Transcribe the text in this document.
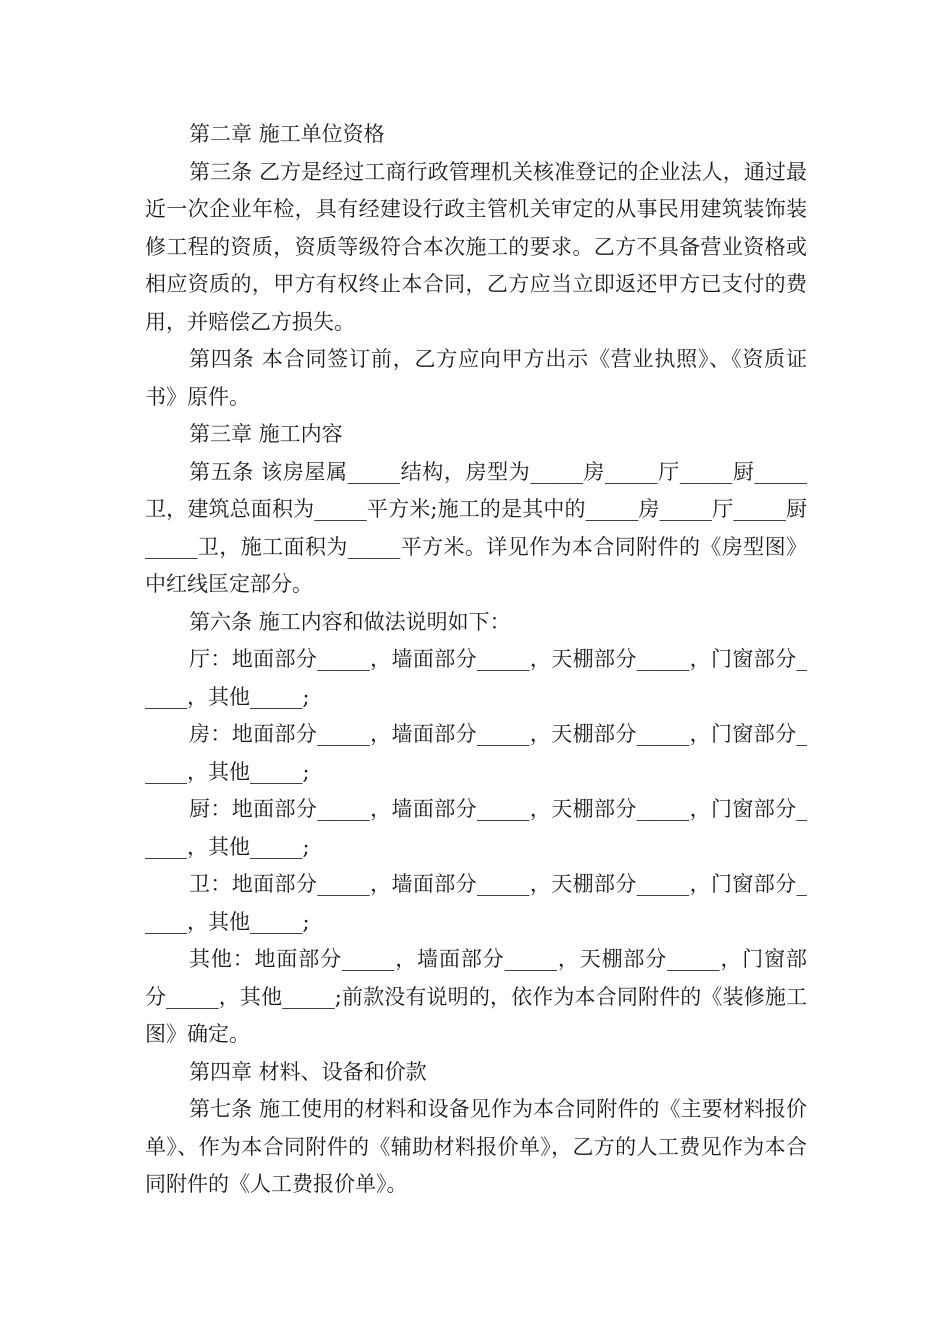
第二章 施工单位资格

第三条 乙方是经过工商行政管理机关核准登记的企业法人，通过最近一次企业年检，具有经建设行政主管机关审定的从事民用建筑装饰装修工程的资质，资质等级符合本次施工的要求。乙方不具备营业资格或相应资质的，甲方有权终止本合同，乙方应当立即返还甲方已支付的费用，并赔偿乙方损失。

第四条 本合同签订前，乙方应向甲方出示《营业执照》、《资质证书》原件。

第三章 施工内容

第五条 该房屋属_____结构，房型为_____房_____厅_____厨_____卫，建筑总面积为_____平方米;施工的是其中的_____房_____厅_____厨_____卫，施工面积为_____平方米。详见作为本合同附件的《房型图》中红线匡定部分。

第六条 施工内容和做法说明如下：

厅：地面部分_____，墙面部分_____，天棚部分_____，门窗部分_____，其他_____;

房：地面部分_____，墙面部分_____，天棚部分_____，门窗部分_____，其他_____;

厨：地面部分_____，墙面部分_____，天棚部分_____，门窗部分_____，其他_____;

卫：地面部分_____，墙面部分_____，天棚部分_____，门窗部分_____，其他_____;

其他：地面部分_____，墙面部分_____，天棚部分_____，门窗部分_____，其他_____;前款没有说明的，依作为本合同附件的《装修施工图》确定。

第四章 材料、设备和价款

第七条 施工使用的材料和设备见作为本合同附件的《主要材料报价单》、作为本合同附件的《辅助材料报价单》，乙方的人工费见作为本合同附件的《人工费报价单》。
